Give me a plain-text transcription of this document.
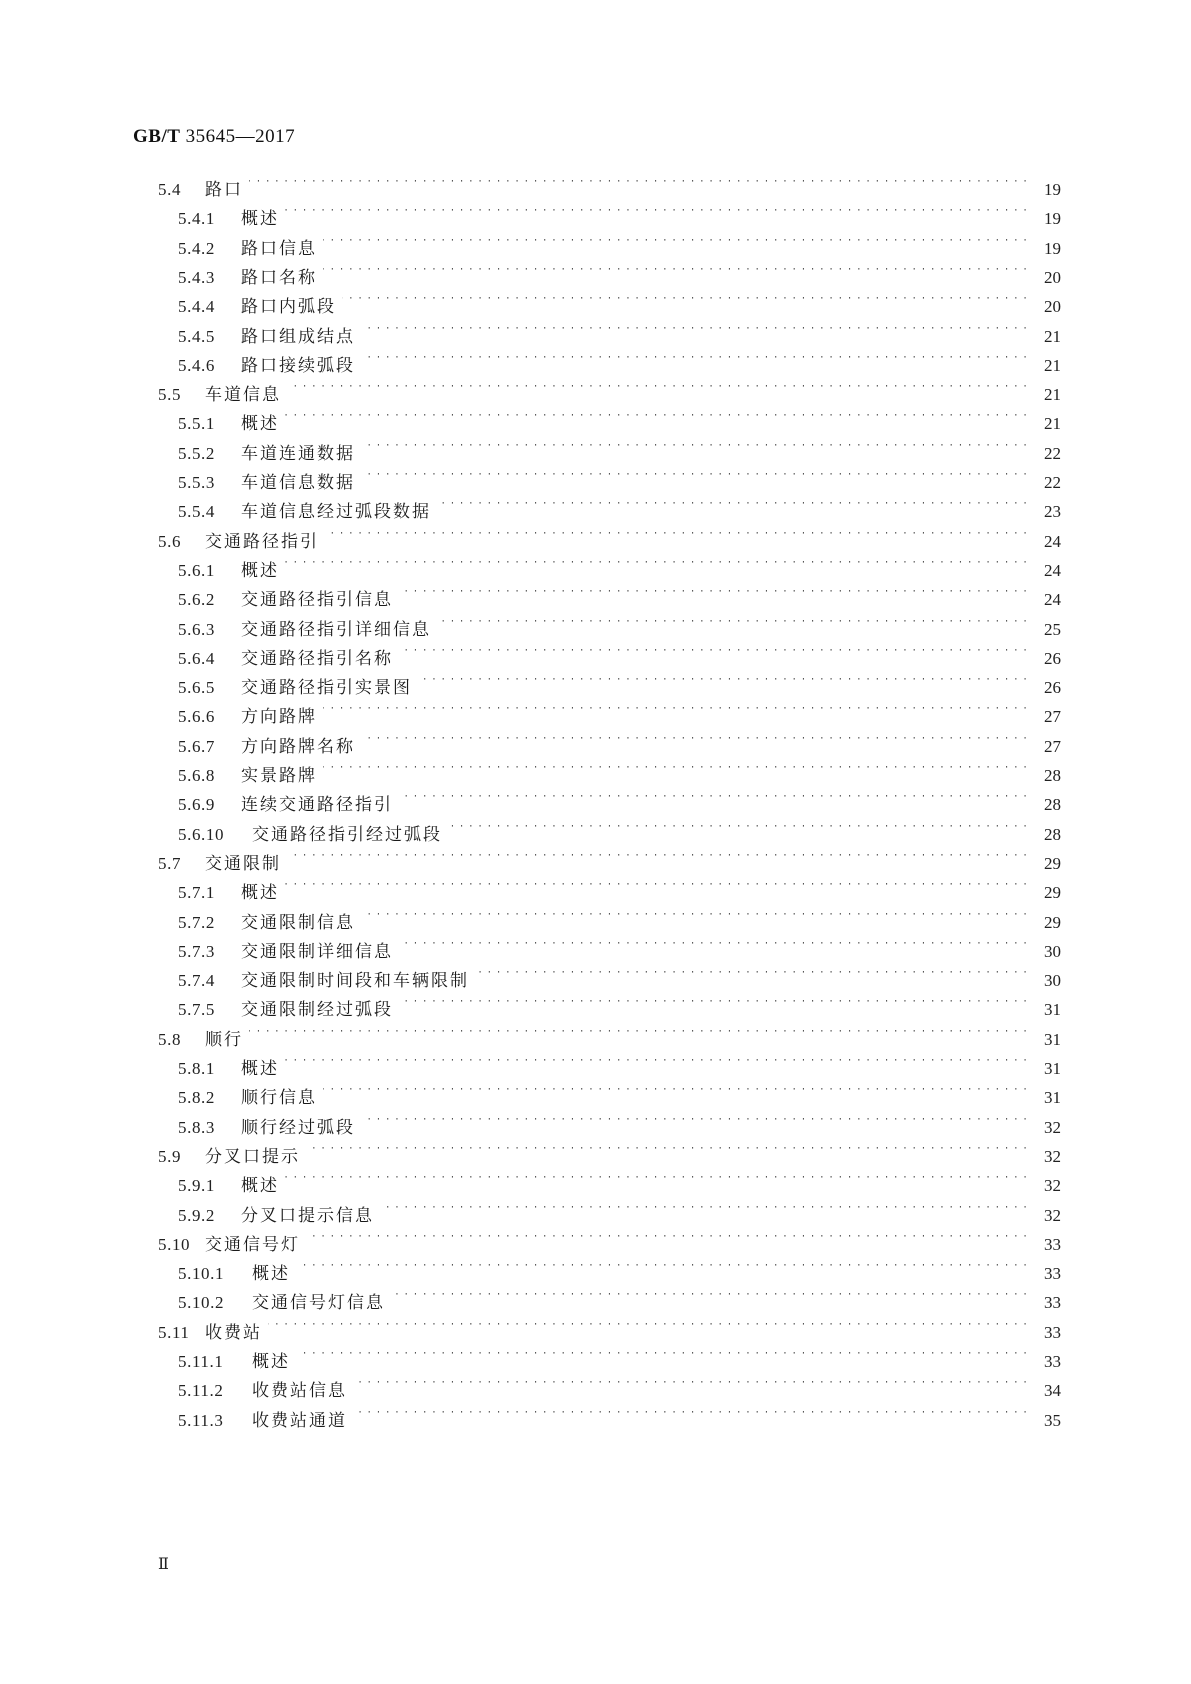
GB/T 35645—2017
5.4	路口 · · ·	19
5.4.1	概述 · · ·	19
5.4.2	路口信息 · · ·	19
5.4.3	路口名称 · · ·	20
5.4.4	路口内弧段 · · ·	20
5.4.5	路口组成结点 · · ·	21
5.4.6	路口接续弧段 · · ·	21
5.5	车道信息 · · ·	21
5.5.1	概述 · · ·	21
5.5.2	车道连通数据 · · ·	22
5.5.3	车道信息数据 · · ·	22
5.5.4	车道信息经过弧段数据 · · ·	23
5.6	交通路径指引 · · ·	24
5.6.1	概述 · · ·	24
5.6.2	交通路径指引信息 · · ·	24
5.6.3	交通路径指引详细信息 · · ·	25
5.6.4	交通路径指引名称 · · ·	26
5.6.5	交通路径指引实景图 · · ·	26
5.6.6	方向路牌 · · ·	27
5.6.7	方向路牌名称 · · ·	27
5.6.8	实景路牌 · · ·	28
5.6.9	连续交通路径指引 · · ·	28
5.6.10	交通路径指引经过弧段 · · ·	28
5.7	交通限制 · · ·	29
5.7.1	概述 · · ·	29
5.7.2	交通限制信息 · · ·	29
5.7.3	交通限制详细信息 · · ·	30
5.7.4	交通限制时间段和车辆限制 · · ·	30
5.7.5	交通限制经过弧段 · · ·	31
5.8	顺行 · · ·	31
5.8.1	概述 · · ·	31
5.8.2	顺行信息 · · ·	31
5.8.3	顺行经过弧段 · · ·	32
5.9	分叉口提示 · · ·	32
5.9.1	概述 · · ·	32
5.9.2	分叉口提示信息 · · ·	32
5.10 交通信号灯 · · ·	33
5.10.1	概述 · · ·	33
5.10.2	交通信号灯信息 · · ·	33
5.11 收费站 · · ·	33
5.11.1	概述 · · ·	33
5.11.2	收费站信息 · · ·	34
5.11.3	收费站通道 · · ·	35
Ⅱ
